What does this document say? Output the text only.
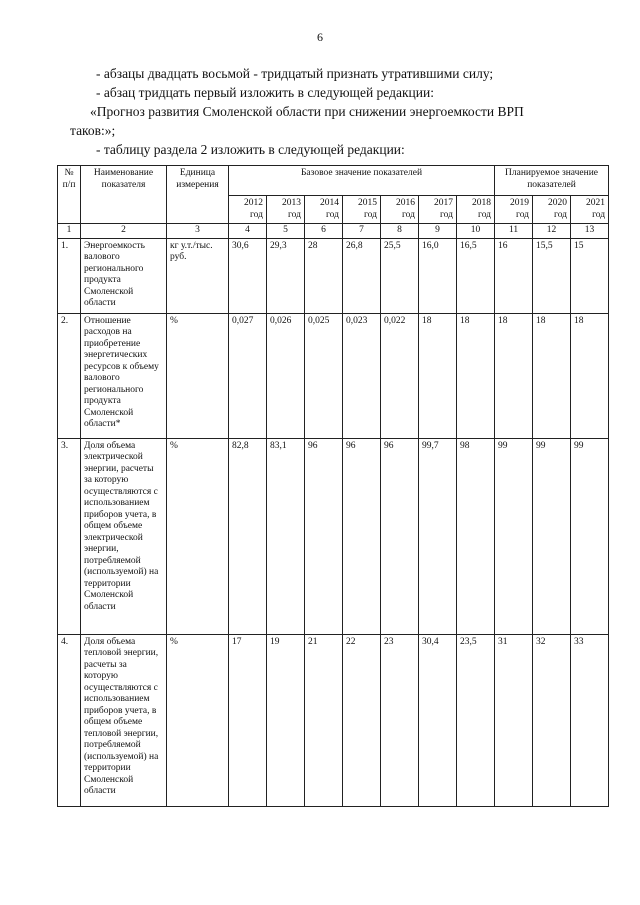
6

- абзацы двадцать восьмой - тридцатый признать утратившими силу;

- абзац тридцать первый изложить в следующей редакции:

«Прогноз развития Смоленской области при снижении энергоемкости ВРП

таков:»;

- таблицу раздела 2 изложить в следующей редакции:

№ п/п	Наименование показателя	Единица измерения	Базовое значение показателей							Планируемое значение показателей		
			2012 год	2013 год	2014 год	2015 год	2016 год	2017 год	2018 год	2019 год	2020 год	2021 год
1	2	3	4	5	6	7	8	9	10	11	12	13
1.	Энергоемкость валового регионального продукта Смоленской области	кг у.т./тыс. руб.	30,6	29,3	28	26,8	25,5	16,0	16,5	16	15,5	15
2.	Отношение расходов на приобретение энергетических ресурсов к объему валового регионального продукта Смоленской области*	%	0,027	0,026	0,025	0,023	0,022	18	18	18	18	18
3.	Доля объема электрической энергии, расчеты за которую осуществляются с использованием приборов учета, в общем объеме электрической энергии, потребляемой (используемой) на территории Смоленской области	%	82,8	83,1	96	96	96	99,7	98	99	99	99
4.	Доля объема тепловой энергии, расчеты за которую осуществляются с использованием приборов учета, в общем объеме тепловой энергии, потребляемой (используемой) на территории Смоленской области	%	17	19	21	22	23	30,4	23,5	31	32	33
